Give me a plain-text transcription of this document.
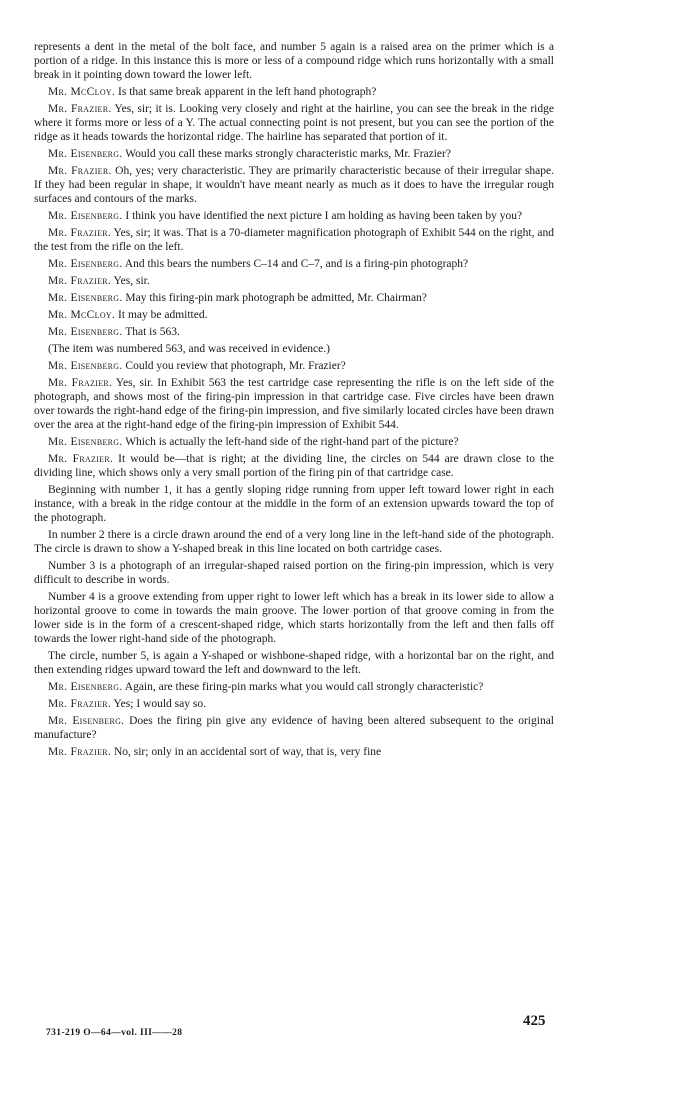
represents a dent in the metal of the bolt face, and number 5 again is a raised area on the primer which is a portion of a ridge. In this instance this is more or less of a compound ridge which runs horizontally with a small break in it pointing down toward the lower left.

Mr. McCloy. Is that same break apparent in the left hand photograph?

Mr. Frazier. Yes, sir; it is. Looking very closely and right at the hairline, you can see the break in the ridge where it forms more or less of a Y. The actual connecting point is not present, but you can see the portion of the ridge as it heads towards the horizontal ridge. The hairline has separated that portion of it.

Mr. Eisenberg. Would you call these marks strongly characteristic marks, Mr. Frazier?

Mr. Frazier. Oh, yes; very characteristic. They are primarily characteristic because of their irregular shape. If they had been regular in shape, it wouldn't have meant nearly as much as it does to have the irregular rough surfaces and contours of the marks.

Mr. Eisenberg. I think you have identified the next picture I am holding as having been taken by you?

Mr. Frazier. Yes, sir; it was. That is a 70-diameter magnification photograph of Exhibit 544 on the right, and the test from the rifle on the left.

Mr. Eisenberg. And this bears the numbers C–14 and C–7, and is a firing-pin photograph?

Mr. Frazier. Yes, sir.

Mr. Eisenberg. May this firing-pin mark photograph be admitted, Mr. Chairman?

Mr. McCloy. It may be admitted.

Mr. Eisenberg. That is 563.

(The item was numbered 563, and was received in evidence.)

Mr. Eisenberg. Could you review that photograph, Mr. Frazier?

Mr. Frazier. Yes, sir. In Exhibit 563 the test cartridge case representing the rifle is on the left side of the photograph, and shows most of the firing-pin impression in that cartridge case. Five circles have been drawn over towards the right-hand edge of the firing-pin impression, and five similarly located circles have been drawn over the area at the right-hand edge of the firing-pin impression of Exhibit 544.

Mr. Eisenberg. Which is actually the left-hand side of the right-hand part of the picture?

Mr. Frazier. It would be—that is right; at the dividing line, the circles on 544 are drawn close to the dividing line, which shows only a very small portion of the firing pin of that cartridge case.

Beginning with number 1, it has a gently sloping ridge running from upper left toward lower right in each instance, with a break in the ridge contour at the middle in the form of an extension upwards toward the top of the photograph.

In number 2 there is a circle drawn around the end of a very long line in the left-hand side of the photograph. The circle is drawn to show a Y-shaped break in this line located on both cartridge cases.

Number 3 is a photograph of an irregular-shaped raised portion on the firing-pin impression, which is very difficult to describe in words.

Number 4 is a groove extending from upper right to lower left which has a break in its lower side to allow a horizontal groove to come in towards the main groove. The lower portion of that groove coming in from the lower side is in the form of a crescent-shaped ridge, which starts horizontally from the left and then falls off towards the lower right-hand side of the photograph.

The circle, number 5, is again a Y-shaped or wishbone-shaped ridge, with a horizontal bar on the right, and then extending ridges upward toward the left and downward to the left.

Mr. Eisenberg. Again, are these firing-pin marks what you would call strongly characteristic?

Mr. Frazier. Yes; I would say so.

Mr. Eisenberg. Does the firing pin give any evidence of having been altered subsequent to the original manufacture?

Mr. Frazier. No, sir; only in an accidental sort of way, that is, very fine

425
731-219 O—64—vol. III——28
